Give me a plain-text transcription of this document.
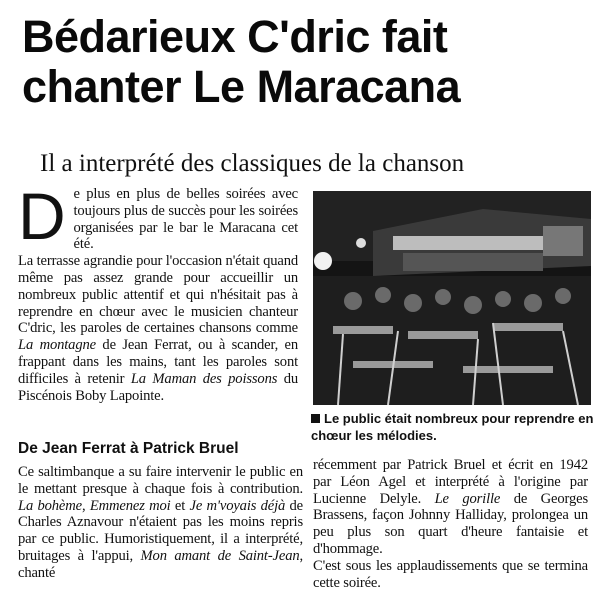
Bédarieux C'dric fait
chanter Le Maracana
Il a interprété des classiques de la chanson
D e plus en plus de belles soirées avec toujours plus de succès pour les soirées organisées par le bar le Maracana cet été.

La terrasse agrandie pour l'occasion n'était quand même pas assez grande pour accueillir un nombreux public attentif et qui n'hésitait pas à reprendre en chœur avec le musicien chanteur C'dric, les paroles de certaines chansons comme La montagne de Jean Ferrat, ou à scander, en frappant dans les mains, tant les paroles sont difficiles à retenir La Maman des poissons du Piscénois Boby Lapointe.

De Jean Ferrat à Patrick Bruel
Ce saltimbanque a su faire intervenir le public en le mettant presque à chaque fois à contribution. La bohème, Emmenez moi et Je m'voyais déjà de Charles Aznavour n'étaient pas les moins repris par ce public. Humoristiquement, il a interprété, bruitages à l'appui, Mon amant de Saint-Jean, chanté
Le public était nombreux pour reprendre en chœur les mélodies.

récemment par Patrick Bruel et écrit en 1942 par Léon Agel et interprété à l'origine par Lucienne Delyle. Le gorille de Georges Brassens, façon Johnny Halliday, prolongea un peu plus son quart d'heure fantaisie et d'hommage.

C'est sous les applaudissements que se termina cette soirée.
